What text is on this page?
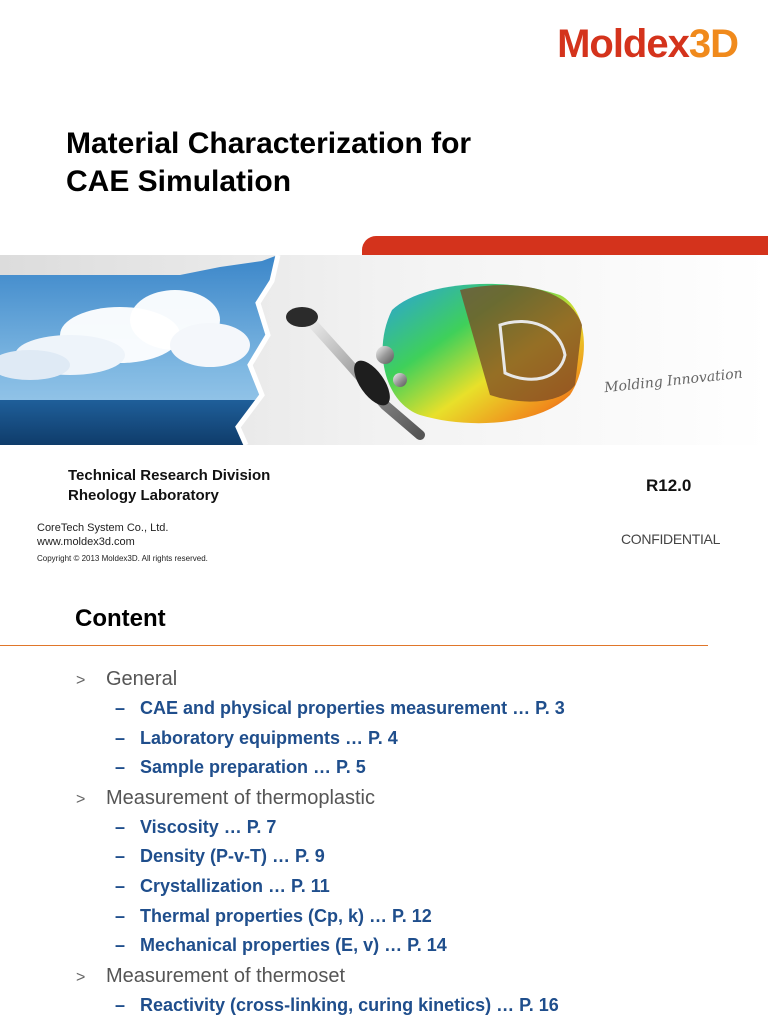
Moldex3D
Material Characterization for
CAE Simulation
Molding Innovation
Technical Research Division
Rheology Laboratory
R12.0
CoreTech System Co., Ltd.
www.moldex3d.com
Copyright © 2013 Moldex3D. All rights reserved.
CONFIDENTIAL
Content
> General
– CAE and physical properties measurement … P. 3
– Laboratory equipments … P. 4
– Sample preparation … P. 5
> Measurement of thermoplastic
– Viscosity … P. 7
– Density (P-v-T) … P. 9
– Crystallization … P. 11
– Thermal properties (Cp, k) … P. 12
– Mechanical properties (E, v) … P. 14
> Measurement of thermoset
– Reactivity (cross-linking, curing kinetics) … P. 16
